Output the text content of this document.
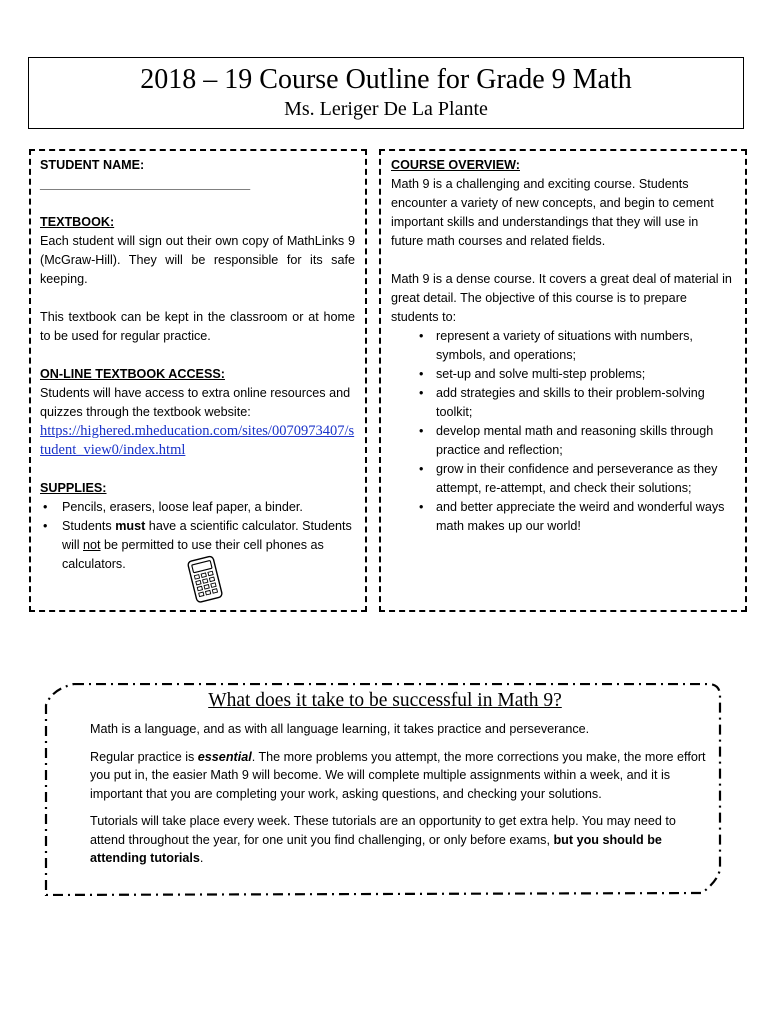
2018 – 19 Course Outline for Grade 9 Math
Ms. Leriger De La Plante
STUDENT NAME: ______________________________
TEXTBOOK:
Each student will sign out their own copy of MathLinks 9 (McGraw-Hill). They will be responsible for its safe keeping.
This textbook can be kept in the classroom or at home to be used for regular practice.
ON-LINE TEXTBOOK ACCESS:
Students will have access to extra online resources and quizzes through the textbook website:
https://highered.mheducation.com/sites/0070973407/student_view0/index.html
SUPPLIES:
• Pencils, erasers, loose leaf paper, a binder.
• Students must have a scientific calculator. Students will not be permitted to use their cell phones as calculators.
COURSE OVERVIEW:
Math 9 is a challenging and exciting course. Students encounter a variety of new concepts, and begin to cement important skills and understandings that they will use in future math courses and related fields.
Math 9 is a dense course. It covers a great deal of material in great detail. The objective of this course is to prepare students to:
• represent a variety of situations with numbers, symbols, and operations;
• set-up and solve multi-step problems;
• add strategies and skills to their problem-solving toolkit;
• develop mental math and reasoning skills through practice and reflection;
• grow in their confidence and perseverance as they attempt, re-attempt, and check their solutions;
• and better appreciate the weird and wonderful ways math makes up our world!
What does it take to be successful in Math 9?

Math is a language, and as with all language learning, it takes practice and perseverance.

Regular practice is essential. The more problems you attempt, the more corrections you make, the more effort you put in, the easier Math 9 will become. We will complete multiple assignments within a week, and it is important that you are completing your work, asking questions, and checking your solutions.

Tutorials will take place every week. These tutorials are an opportunity to get extra help. You may need to attend throughout the year, for one unit you find challenging, or only before exams, but you should be attending tutorials.
